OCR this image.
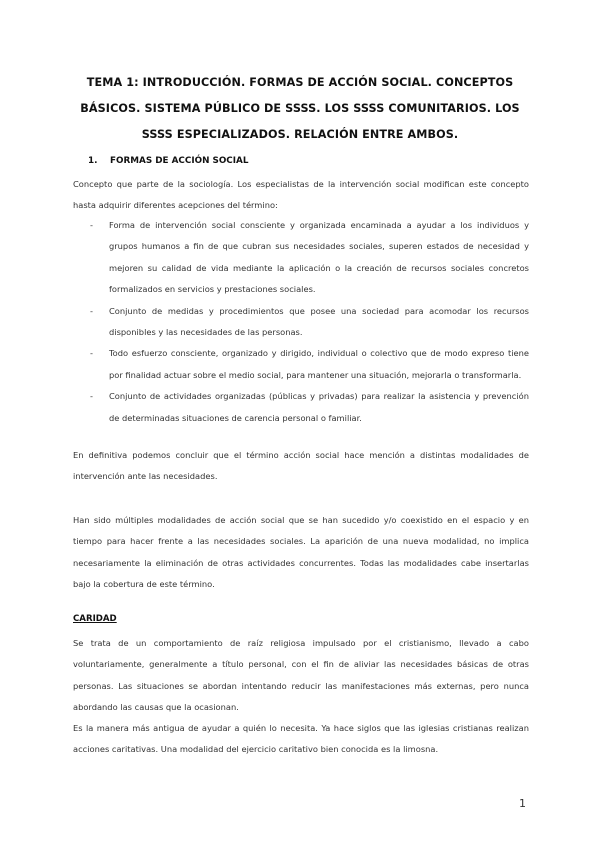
TEMA 1: INTRODUCCIÓN. FORMAS DE ACCIÓN SOCIAL. CONCEPTOS BÁSICOS. SISTEMA PÚBLICO DE SSSS. LOS SSSS COMUNITARIOS. LOS SSSS ESPECIALIZADOS. RELACIÓN ENTRE AMBOS.
1. FORMAS DE ACCIÓN SOCIAL
Concepto que parte de la sociología. Los especialistas de la intervención social modifican este concepto hasta adquirir diferentes acepciones del término:
- Forma de intervención social consciente y organizada encaminada a ayudar a los individuos y grupos humanos a fin de que cubran sus necesidades sociales, superen estados de necesidad y mejoren su calidad de vida mediante la aplicación o la creación de recursos sociales concretos formalizados en servicios y prestaciones sociales.
- Conjunto de medidas y procedimientos que posee una sociedad para acomodar los recursos disponibles y las necesidades de las personas.
- Todo esfuerzo consciente, organizado y dirigido, individual o colectivo que de modo expreso tiene por finalidad actuar sobre el medio social, para mantener una situación, mejorarla o transformarla.
- Conjunto de actividades organizadas (públicas y privadas) para realizar la asistencia y prevención de determinadas situaciones de carencia personal o familiar.
En definitiva podemos concluir que el término acción social hace mención a distintas modalidades de intervención ante las necesidades.
Han sido múltiples modalidades de acción social que se han sucedido y/o coexistido en el espacio y en tiempo para hacer frente a las necesidades sociales. La aparición de una nueva modalidad, no implica necesariamente la eliminación de otras actividades concurrentes. Todas las modalidades cabe insertarlas bajo la cobertura de este término.
CARIDAD
Se trata de un comportamiento de raíz religiosa impulsado por el cristianismo, llevado a cabo voluntariamente, generalmente a título personal, con el fin de aliviar las necesidades básicas de otras personas. Las situaciones se abordan intentando reducir las manifestaciones más externas, pero nunca abordando las causas que la ocasionan.
Es la manera más antigua de ayudar a quién lo necesita. Ya hace siglos que las iglesias cristianas realizan acciones caritativas. Una modalidad del ejercicio caritativo bien conocida es la limosna.
1
